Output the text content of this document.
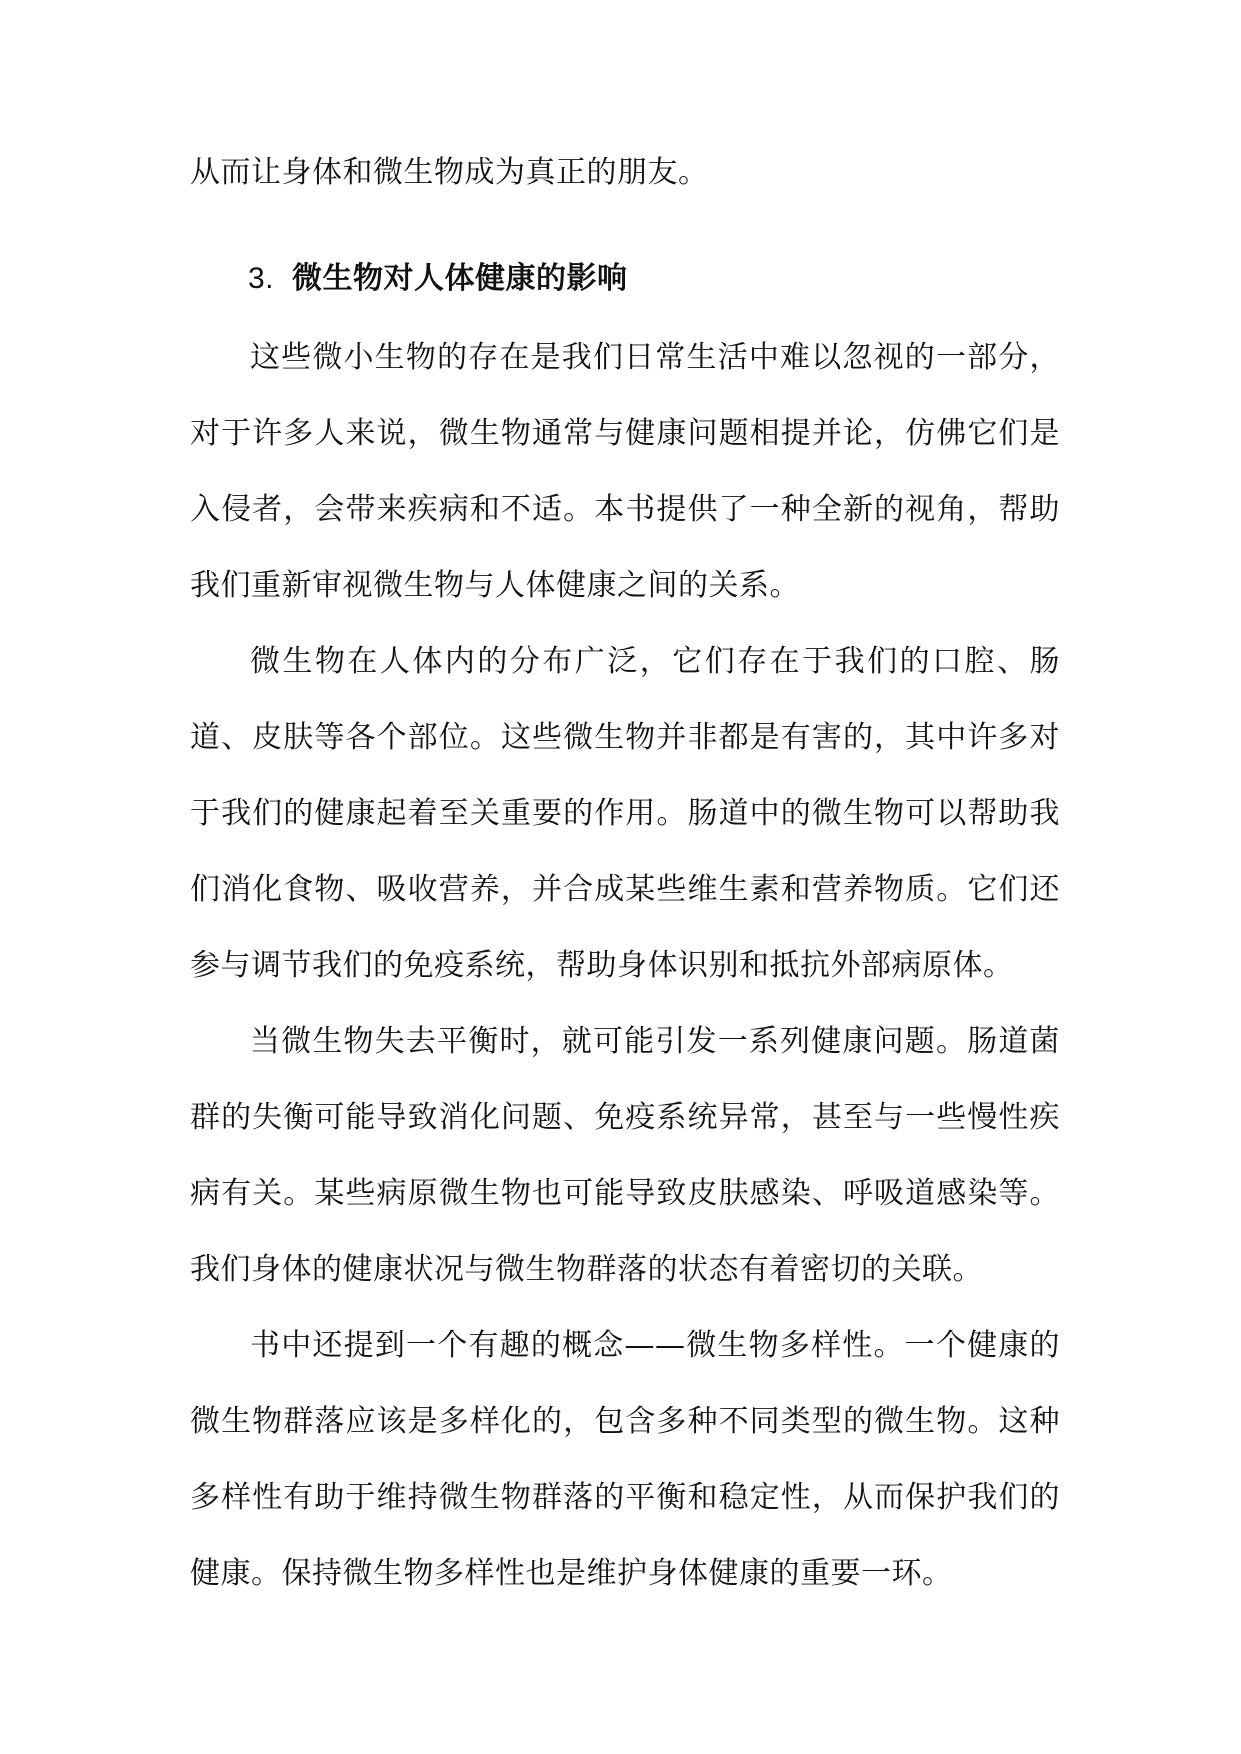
从而让身体和微生物成为真正的朋友。

3. 微生物对人体健康的影响

这些微小生物的存在是我们日常生活中难以忽视的一部分，对于许多人来说，微生物通常与健康问题相提并论，仿佛它们是入侵者，会带来疾病和不适。本书提供了一种全新的视角，帮助我们重新审视微生物与人体健康之间的关系。

微生物在人体内的分布广泛，它们存在于我们的口腔、肠道、皮肤等各个部位。这些微生物并非都是有害的，其中许多对于我们的健康起着至关重要的作用。肠道中的微生物可以帮助我们消化食物、吸收营养，并合成某些维生素和营养物质。它们还参与调节我们的免疫系统，帮助身体识别和抵抗外部病原体。

当微生物失去平衡时，就可能引发一系列健康问题。肠道菌群的失衡可能导致消化问题、免疫系统异常，甚至与一些慢性疾病有关。某些病原微生物也可能导致皮肤感染、呼吸道感染等。我们身体的健康状况与微生物群落的状态有着密切的关联。

书中还提到一个有趣的概念——微生物多样性。一个健康的微生物群落应该是多样化的，包含多种不同类型的微生物。这种多样性有助于维持微生物群落的平衡和稳定性，从而保护我们的健康。保持微生物多样性也是维护身体健康的重要一环。
